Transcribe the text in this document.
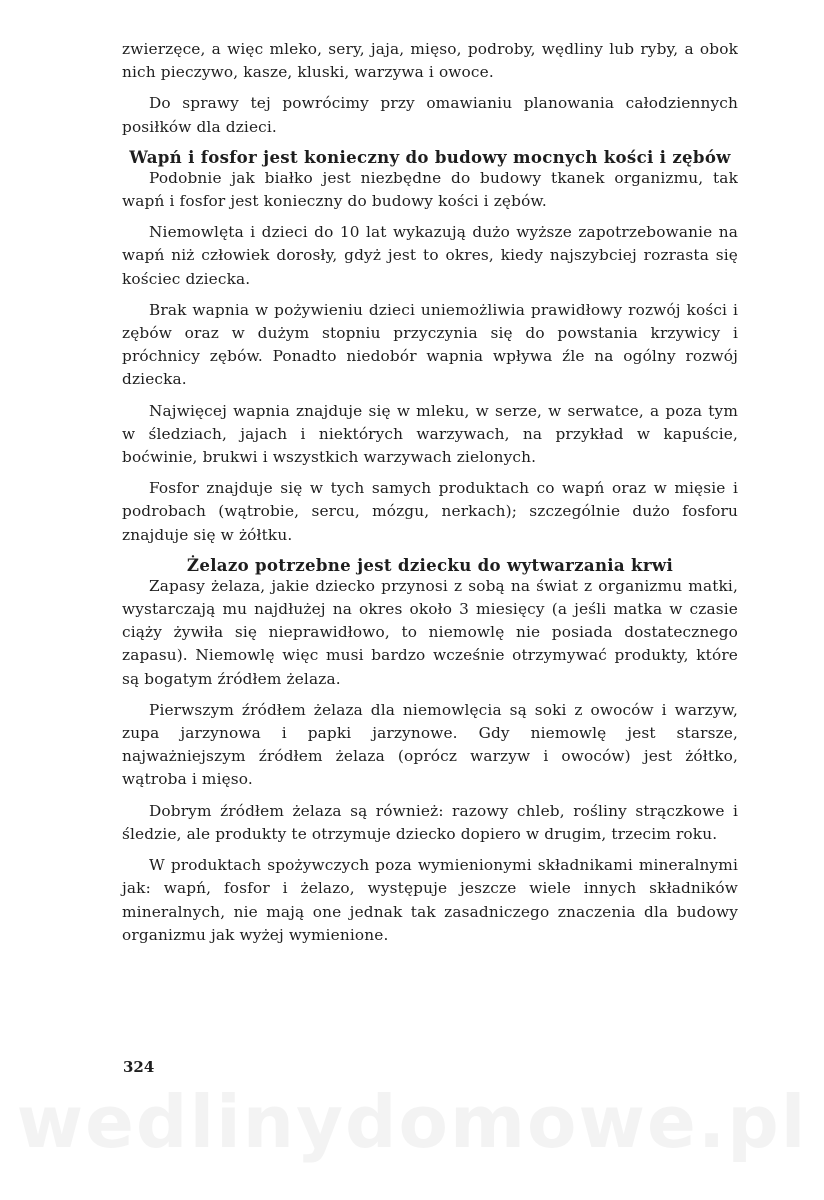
zwierzęce, a więc mleko, sery, jaja, mięso, podroby, wędliny lub ryby, a obok nich pieczywo, kasze, kluski, warzywa i owoce.

Do sprawy tej powrócimy przy omawianiu planowania całodziennych posiłków dla dzieci.

Wapń i fosfor jest konieczny do budowy mocnych kości i zębów

Podobnie jak białko jest niezbędne do budowy tkanek organizmu, tak wapń i fosfor jest konieczny do budowy kości i zębów.

Niemowlęta i dzieci do 10 lat wykazują dużo wyższe zapotrzebowanie na wapń niż człowiek dorosły, gdyż jest to okres, kiedy najszybciej rozrasta się kościec dziecka.

Brak wapnia w pożywieniu dzieci uniemożliwia prawidłowy rozwój kości i zębów oraz w dużym stopniu przyczynia się do powstania krzywicy i próchnicy zębów. Ponadto niedobór wapnia wpływa źle na ogólny rozwój dziecka.

Najwięcej wapnia znajduje się w mleku, w serze, w serwatce, a poza tym w śledziach, jajach i niektórych warzywach, na przykład w kapuście, boćwinie, brukwi i wszystkich warzywach zielonych.

Fosfor znajduje się w tych samych produktach co wapń oraz w mięsie i podrobach (wątrobie, sercu, mózgu, nerkach); szczególnie dużo fosforu znajduje się w żółtku.

Żelazo potrzebne jest dziecku do wytwarzania krwi

Zapasy żelaza, jakie dziecko przynosi z sobą na świat z organizmu matki, wystarczają mu najdłużej na okres około 3 miesięcy (a jeśli matka w czasie ciąży żywiła się nieprawidłowo, to niemowlę nie posiada dostatecznego zapasu). Niemowlę więc musi bardzo wcześnie otrzymywać produkty, które są bogatym źródłem żelaza.

Pierwszym źródłem żelaza dla niemowlęcia są soki z owoców i warzyw, zupa jarzynowa i papki jarzynowe. Gdy niemowlę jest starsze, najważniejszym źródłem żelaza (oprócz warzyw i owoców) jest żółtko, wątroba i mięso.

Dobrym źródłem żelaza są również: razowy chleb, rośliny strączkowe i śledzie, ale produkty te otrzymuje dziecko dopiero w drugim, trzecim roku.

W produktach spożywczych poza wymienionymi składnikami mineralnymi jak: wapń, fosfor i żelazo, występuje jeszcze wiele innych składników mineralnych, nie mają one jednak tak zasadniczego znaczenia dla budowy organizmu jak wyżej wymienione.

324
wedlinydomowe.pl
